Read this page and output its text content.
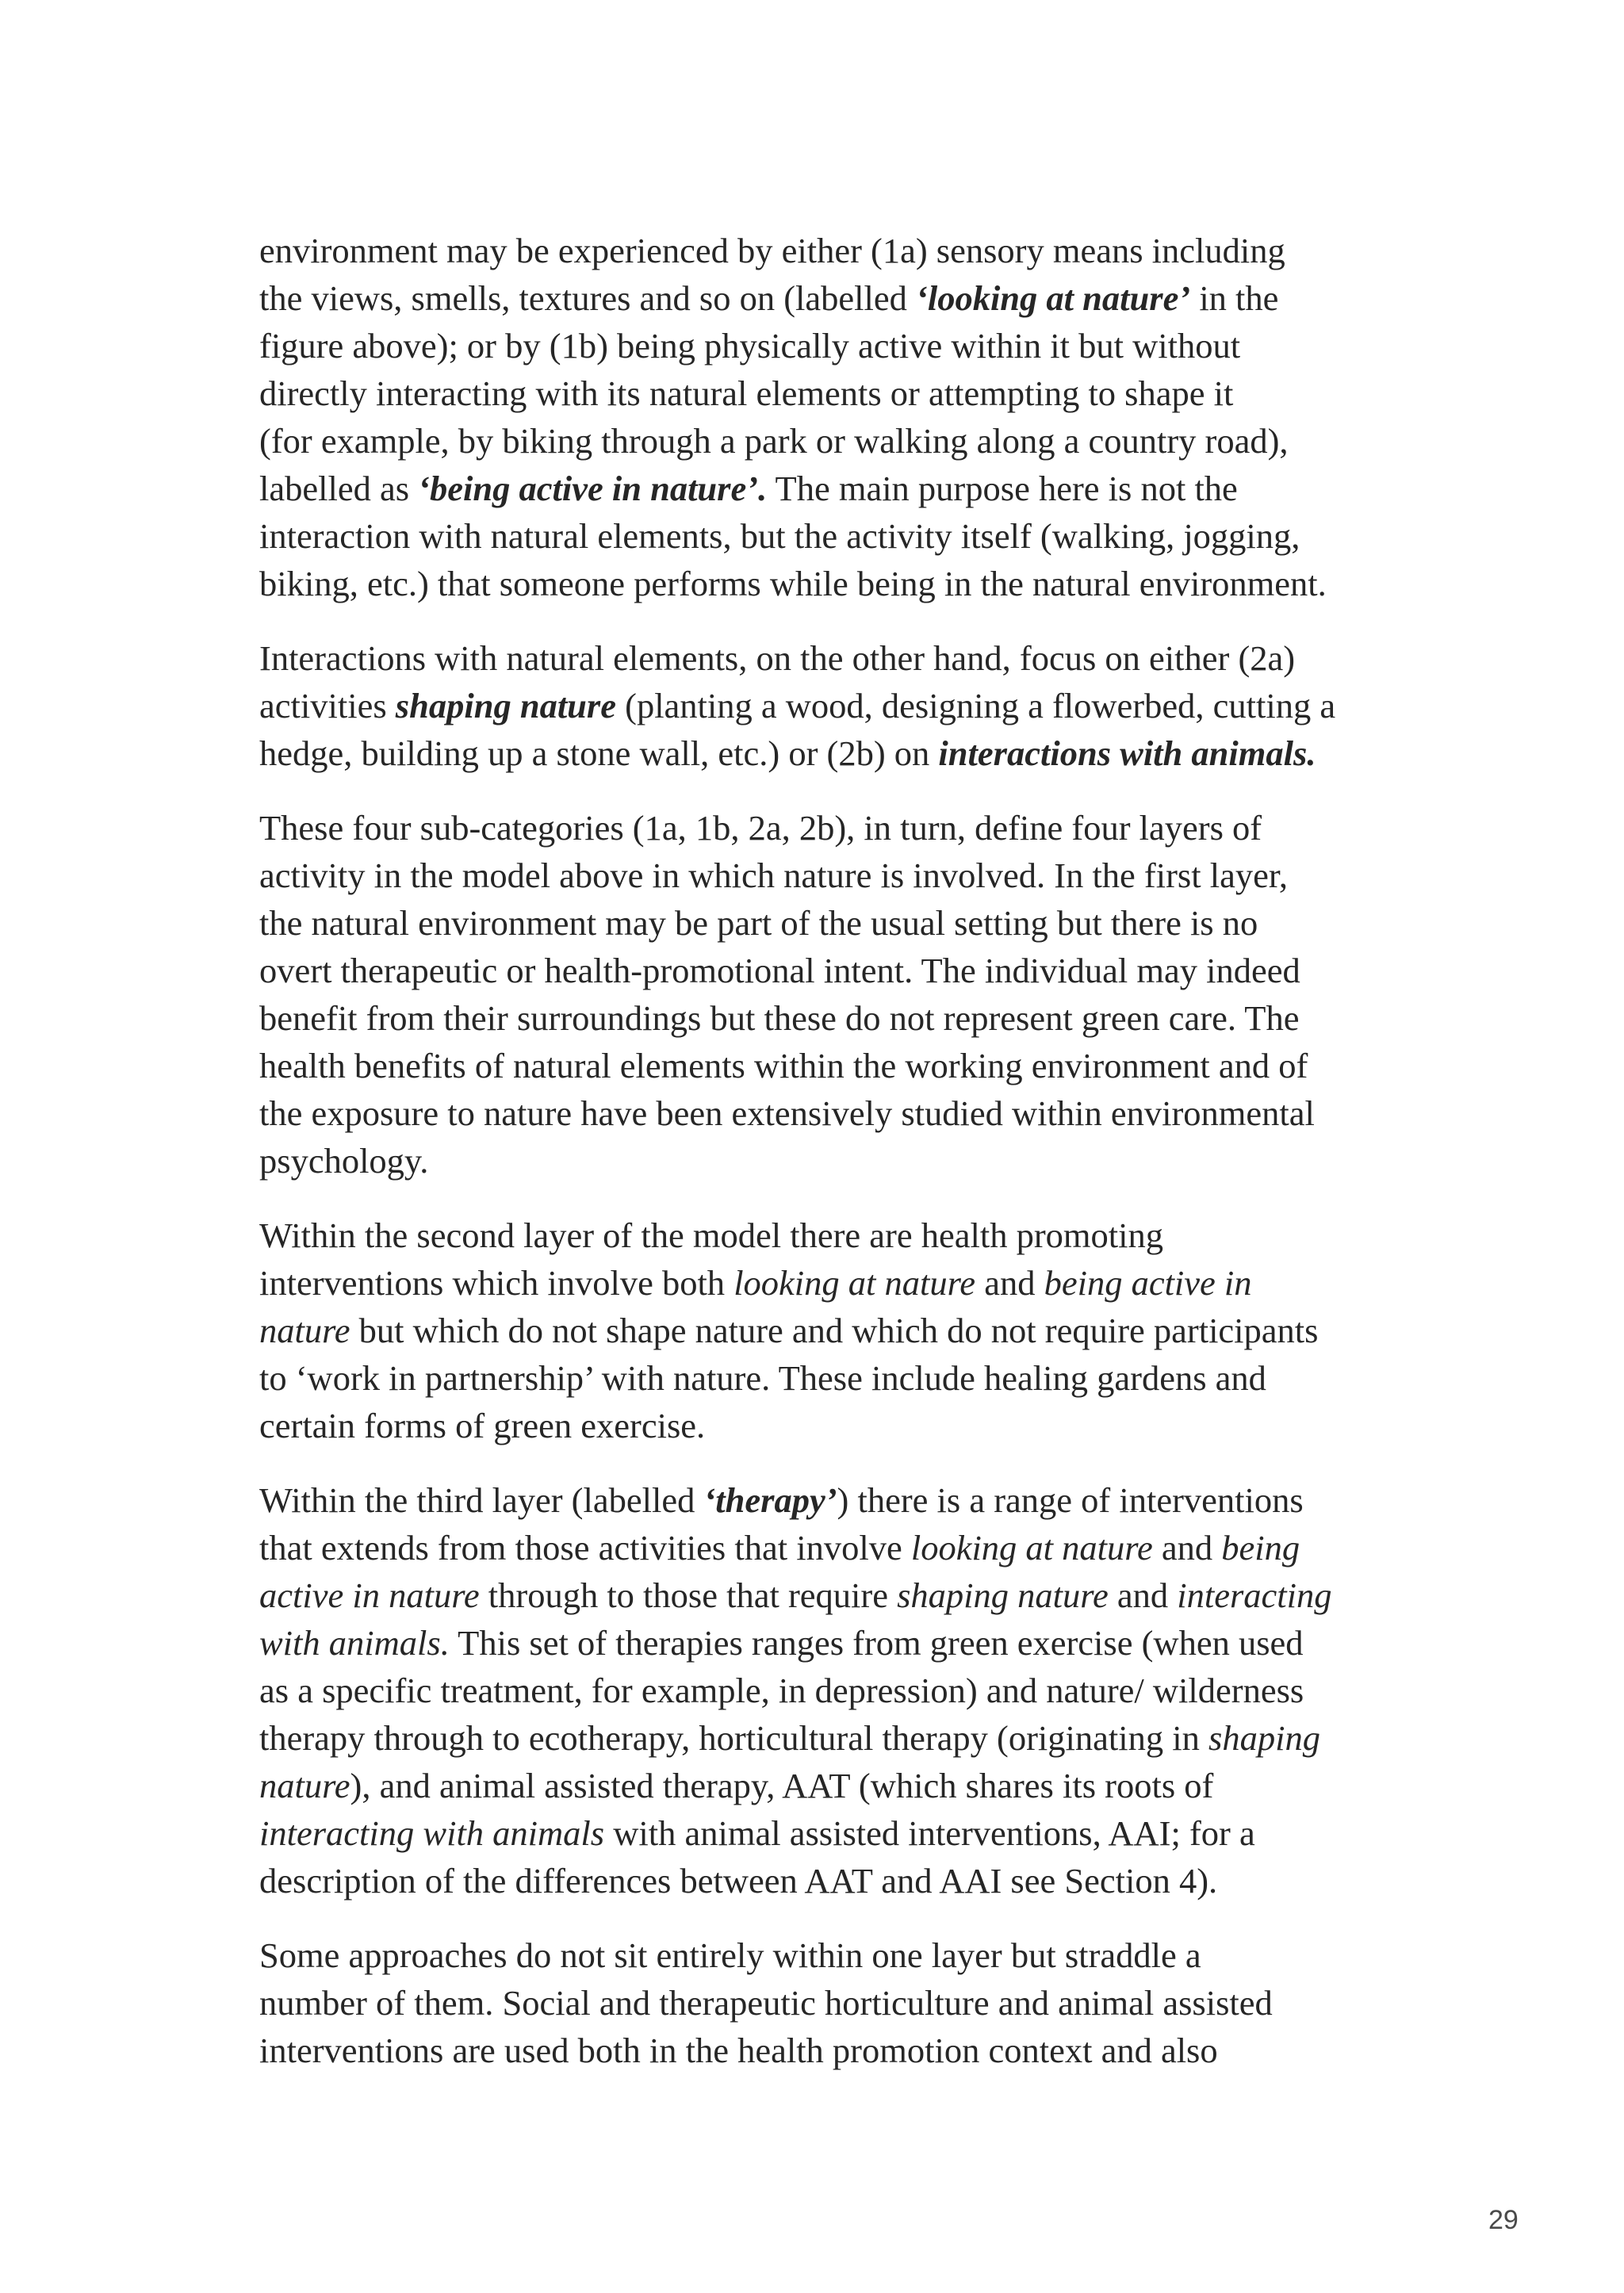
environment may be experienced by either (1a) sensory means including
the views, smells, textures and so on (labelled ‘looking at nature’ in the
figure above); or by (1b) being physically active within it but without
directly interacting with its natural elements or attempting to shape it
(for example, by biking through a park or walking along a country road),
labelled as ‘being active in nature’. The main purpose here is not the
interaction with natural elements, but the activity itself (walking, jogging,
biking, etc.) that someone performs while being in the natural environment.

Interactions with natural elements, on the other hand, focus on either (2a)
activities shaping nature (planting a wood, designing a flowerbed, cutting a
hedge, building up a stone wall, etc.) or (2b) on interactions with animals.

These four sub-categories (1a, 1b, 2a, 2b), in turn, define four layers of
activity in the model above in which nature is involved. In the first layer,
the natural environment may be part of the usual setting but there is no
overt therapeutic or health-promotional intent. The individual may indeed
benefit from their surroundings but these do not represent green care. The
health benefits of natural elements within the working environment and of
the exposure to nature have been extensively studied within environmental
psychology.

Within the second layer of the model there are health promoting
interventions which involve both looking at nature and being active in
nature but which do not shape nature and which do not require participants
to ‘work in partnership’ with nature. These include healing gardens and
certain forms of green exercise.

Within the third layer (labelled ‘therapy’) there is a range of interventions
that extends from those activities that involve looking at nature and being
active in nature through to those that require shaping nature and interacting
with animals. This set of therapies ranges from green exercise (when used
as a specific treatment, for example, in depression) and nature/ wilderness
therapy through to ecotherapy, horticultural therapy (originating in shaping
nature), and animal assisted therapy, AAT (which shares its roots of
interacting with animals with animal assisted interventions, AAI; for a
description of the differences between AAT and AAI see Section 4).

Some approaches do not sit entirely within one layer but straddle a
number of them. Social and therapeutic horticulture and animal assisted
interventions are used both in the health promotion context and also

29
